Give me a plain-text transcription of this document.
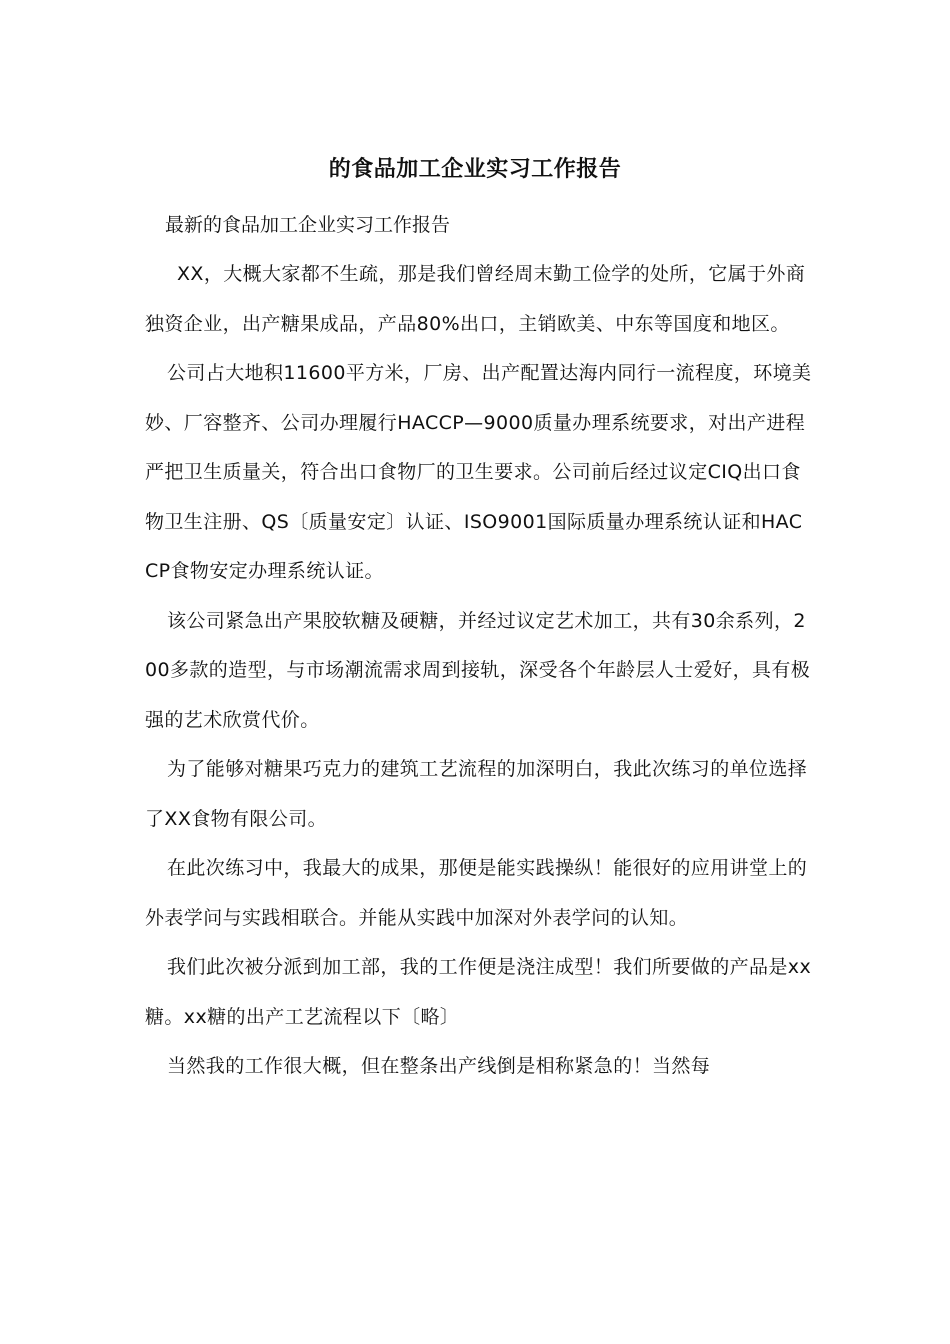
的食品加工企业实习工作报告

最新的食品加工企业实习工作报告

XX，大概大家都不生疏，那是我们曾经周末勤工俭学的处所，它属于外商独资企业，出产糖果成品，产品80%出口，主销欧美、中东等国度和地区。

公司占大地积11600平方米，厂房、出产配置达海内同行一流程度，环境美妙、厂容整齐、公司办理履行HACCP—9000质量办理系统要求，对出产进程严把卫生质量关，符合出口食物厂的卫生要求。公司前后经过议定CIQ出口食物卫生注册、QS〔质量安定〕认证、ISO9001国际质量办理系统认证和HACCP食物安定办理系统认证。

该公司紧急出产果胶软糖及硬糖，并经过议定艺术加工，共有30余系列，200多款的造型，与市场潮流需求周到接轨，深受各个年龄层人士爱好，具有极强的艺术欣赏代价。

为了能够对糖果巧克力的建筑工艺流程的加深明白，我此次练习的单位选择了XX食物有限公司。

在此次练习中，我最大的成果，那便是能实践操纵！能很好的应用讲堂上的外表学问与实践相联合。并能从实践中加深对外表学问的认知。

我们此次被分派到加工部，我的工作便是浇注成型！我们所要做的产品是xx糖。xx糖的出产工艺流程以下〔略〕

当然我的工作很大概，但在整条出产线倒是相称紧急的！当然每
